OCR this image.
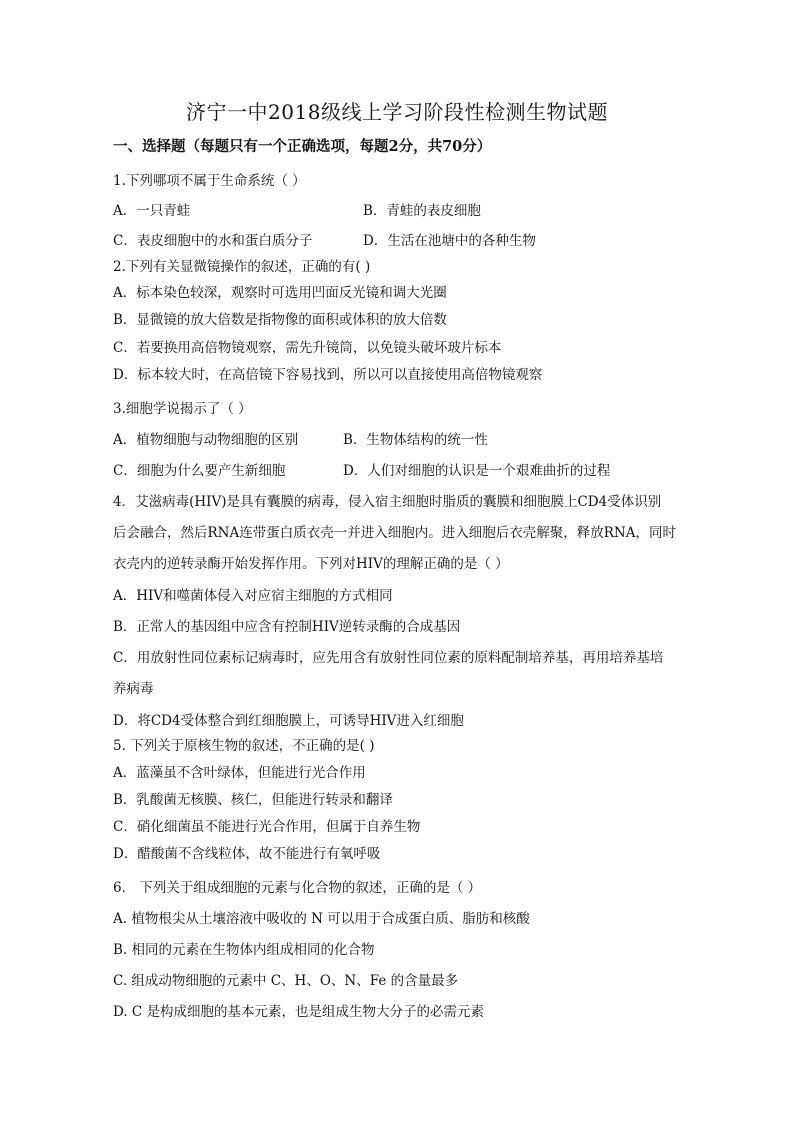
济宁一中2018级线上学习阶段性检测生物试题
一、选择题（每题只有一个正确选项，每题2分，共70分）
1.下列哪项不属于生命系统（ ）
A．一只青蛙	B．青蛙的表皮细胞
C．表皮细胞中的水和蛋白质分子	D．生活在池塘中的各种生物
2.下列有关显微镜操作的叙述，正确的有( )
A．标本染色较深，观察时可选用凹面反光镜和调大光圈
B．显微镜的放大倍数是指物像的面积或体积的放大倍数
C．若要换用高倍物镜观察，需先升镜筒，以免镜头破坏玻片标本
D．标本较大时，在高倍镜下容易找到，所以可以直接使用高倍物镜观察
3.细胞学说揭示了（ ）
A．植物细胞与动物细胞的区别	B．生物体结构的统一性
C．细胞为什么要产生新细胞	D．人们对细胞的认识是一个艰难曲折的过程
4．艾滋病毒(HIV)是具有囊膜的病毒，侵入宿主细胞时脂质的囊膜和细胞膜上CD4受体识别
后会融合，然后RNA连带蛋白质衣壳一并进入细胞内。进入细胞后衣壳解聚，释放RNA，同时
衣壳内的逆转录酶开始发挥作用。下列对HIV的理解正确的是（ ）
A．HIV和噬菌体侵入对应宿主细胞的方式相同
B．正常人的基因组中应含有控制HIV逆转录酶的合成基因
C．用放射性同位素标记病毒时，应先用含有放射性同位素的原料配制培养基，再用培养基培
养病毒
D．将CD4受体整合到红细胞膜上，可诱导HIV进入红细胞
5. 下列关于原核生物的叙述，不正确的是( )
A．蓝藻虽不含叶绿体，但能进行光合作用
B．乳酸菌无核膜、核仁，但能进行转录和翻译
C．硝化细菌虽不能进行光合作用，但属于自养生物
D．醋酸菌不含线粒体，故不能进行有氧呼吸
6． 下列关于组成细胞的元素与化合物的叙述，正确的是（ ）
A. 植物根尖从土壤溶液中吸收的 N 可以用于合成蛋白质、脂肪和核酸
B. 相同的元素在生物体内组成相同的化合物
C. 组成动物细胞的元素中 C、H、O、N、Fe 的含量最多
D. C 是构成细胞的基本元素，也是组成生物大分子的必需元素
